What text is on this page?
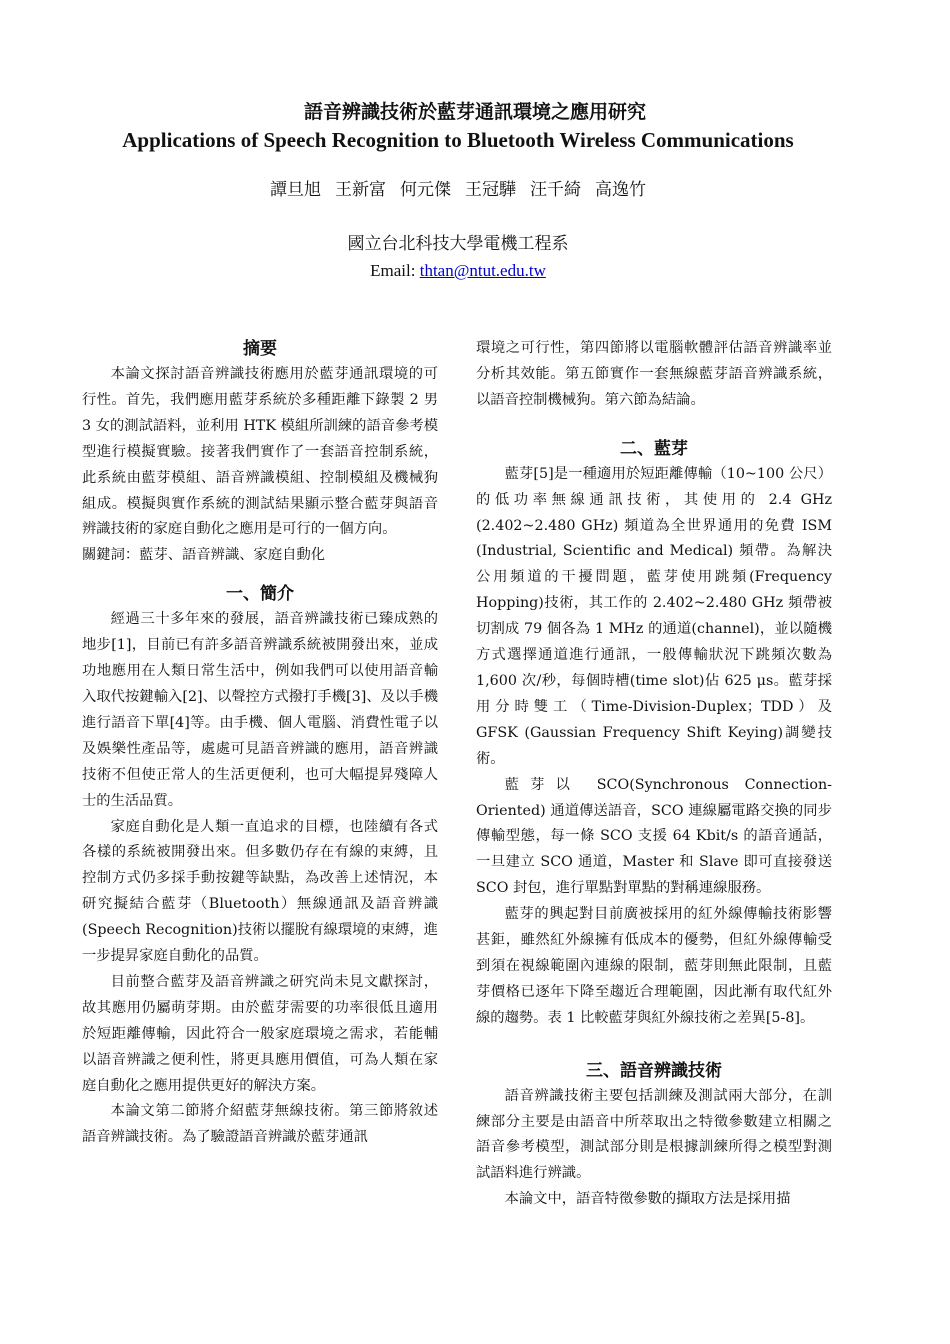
語音辨識技術於藍芽通訊環境之應用研究
Applications of Speech Recognition to Bluetooth Wireless Communications
譚旦旭 王新富 何元傑 王冠驊 汪千綺 高逸竹
國立台北科技大學電機工程系
Email: thtan@ntut.edu.tw
摘要

本論文探討語音辨識技術應用於藍芽通訊環境的可行性。首先，我們應用藍芽系統於多種距離下錄製 2 男 3 女的測試語料，並利用 HTK 模組所訓練的語音參考模型進行模擬實驗。接著我們實作了一套語音控制系統，此系統由藍芽模組、語音辨識模組、控制模組及機械狗組成。模擬與實作系統的測試結果顯示整合藍芽與語音辨識技術的家庭自動化之應用是可行的一個方向。

關鍵詞：藍芽、語音辨識、家庭自動化

一、簡介

經過三十多年來的發展，語音辨識技術已臻成熟的地步[1]，目前已有許多語音辨識系統被開發出來，並成功地應用在人類日常生活中，例如我們可以使用語音輸入取代按鍵輸入[2]、以聲控方式撥打手機[3]、及以手機進行語音下單[4]等。由手機、個人電腦、消費性電子以及娛樂性產品等，處處可見語音辨識的應用，語音辨識技術不但使正常人的生活更便利，也可大幅提昇殘障人士的生活品質。

家庭自動化是人類一直追求的目標，也陸續有各式各樣的系統被開發出來。但多數仍存在有線的束縛，且控制方式仍多採手動按鍵等缺點，為改善上述情況，本研究擬結合藍芽（Bluetooth）無線通訊及語音辨識(Speech Recognition)技術以擺脫有線環境的束縛，進一步提昇家庭自動化的品質。

目前整合藍芽及語音辨識之研究尚未見文獻探討，故其應用仍屬萌芽期。由於藍芽需要的功率很低且適用於短距離傳輸，因此符合一般家庭環境之需求，若能輔以語音辨識之便利性，將更具應用價值，可為人類在家庭自動化之應用提供更好的解決方案。

本論文第二節將介紹藍芽無線技術。第三節將敘述語音辨識技術。為了驗證語音辨識於藍芽通訊

環境之可行性，第四節將以電腦軟體評估語音辨識率並分析其效能。第五節實作一套無線藍芽語音辨識系統，以語音控制機械狗。第六節為結論。

二、藍芽

藍芽[5]是一種適用於短距離傳輸（10~100 公尺）的低功率無線通訊技術，其使用的 2.4 GHz (2.402~2.480 GHz) 頻道為全世界通用的免費 ISM (Industrial, Scientific and Medical) 頻帶。為解決公用頻道的干擾問題，藍芽使用跳頻(Frequency Hopping)技術，其工作的 2.402~2.480 GHz 頻帶被切割成 79 個各為 1 MHz 的通道(channel)，並以隨機方式選擇通道進行通訊，一般傳輸狀況下跳頻次數為 1,600 次/秒，每個時槽(time slot)佔 625 μs。藍芽採用分時雙工（Time-Division-Duplex；TDD）及 GFSK (Gaussian Frequency Shift Keying)調變技術。

藍芽以 SCO(Synchronous Connection-Oriented) 通道傳送語音，SCO 連線屬電路交換的同步傳輸型態，每一條 SCO 支援 64 Kbit/s 的語音通話，一旦建立 SCO 通道，Master 和 Slave 即可直接發送 SCO 封包，進行單點對單點的對稱連線服務。

藍芽的興起對目前廣被採用的紅外線傳輸技術影響甚鉅，雖然紅外線擁有低成本的優勢，但紅外線傳輸受到須在視線範圍內連線的限制，藍芽則無此限制，且藍芽價格已逐年下降至趨近合理範圍，因此漸有取代紅外線的趨勢。表 1 比較藍芽與紅外線技術之差異[5-8]。

三、語音辨識技術

語音辨識技術主要包括訓練及測試兩大部分，在訓練部分主要是由語音中所萃取出之特徵參數建立相關之語音參考模型，測試部分則是根據訓練所得之模型對測試語料進行辨識。

本論文中，語音特徵參數的擷取方法是採用描
